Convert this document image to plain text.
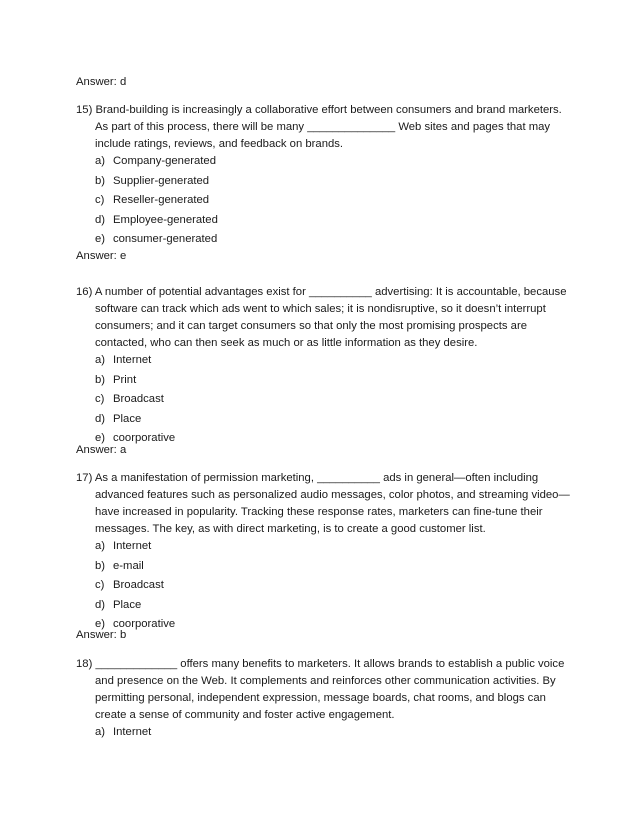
Answer: d

15) Brand-building is increasingly a collaborative effort between consumers and brand marketers. As part of this process, there will be many ______________ Web sites and pages that may include ratings, reviews, and feedback on brands.

a) Company-generated
b) Supplier-generated
c) Reseller-generated
d) Employee-generated
e) consumer-generated
Answer: e

16) A number of potential advantages exist for __________ advertising: It is accountable, because software can track which ads went to which sales; it is nondisruptive, so it doesn’t interrupt consumers; and it can target consumers so that only the most promising prospects are contacted, who can then seek as much or as little information as they desire.

a) Internet
b) Print
c) Broadcast
d) Place
e) coorporative
Answer: a

17) As a manifestation of permission marketing, __________ ads in general—often including advanced features such as personalized audio messages, color photos, and streaming video—have increased in popularity. Tracking these response rates, marketers can fine-tune their messages. The key, as with direct marketing, is to create a good customer list.

a) Internet
b) e-mail
c) Broadcast
d) Place
e) coorporative
Answer: b

18) _____________ offers many benefits to marketers. It allows brands to establish a public voice and presence on the Web. It complements and reinforces other communication activities. By permitting personal, independent expression, message boards, chat rooms, and blogs can create a sense of community and foster active engagement.

a) Internet
